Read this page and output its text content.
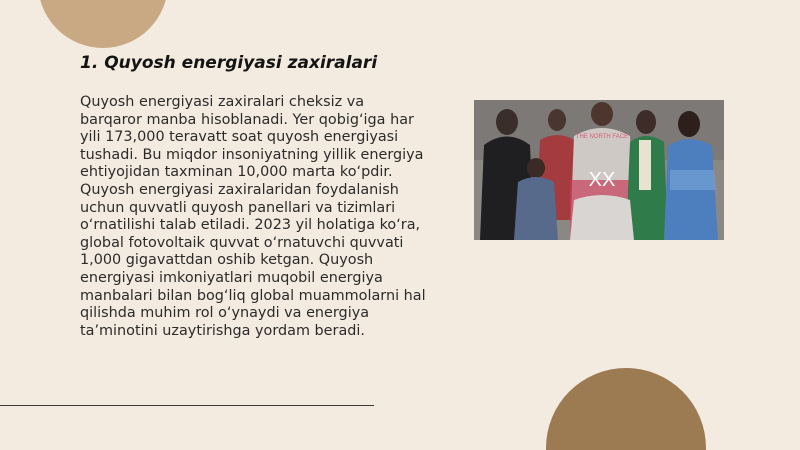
1. Quyosh energiyasi zaxiralari

Quyosh energiyasi zaxiralari cheksiz va barqaror manba hisoblanadi. Yer qobig‘iga har yili 173,000 teravatt soat quyosh energiyasi tushadi. Bu miqdor insoniyatning yillik energiya ehtiyojidan taxminan 10,000 marta ko‘pdir. Quyosh energiyasi zaxiralaridan foydalanish uchun quvvatli quyosh panellari va tizimlari o‘rnatilishi talab etiladi. 2023 yil holatiga ko‘ra, global fotovoltaik quvvat o‘rnatuvchi quvvati 1,000 gigavattdan oshib ketgan. Quyosh energiyasi imkoniyatlari muqobil energiya manbalari bilan bog‘liq global muammolarni hal qilishda muhim rol o‘ynaydi va energiya ta’minotini uzaytirishga yordam beradi.

THE NORTH FACE
XX
